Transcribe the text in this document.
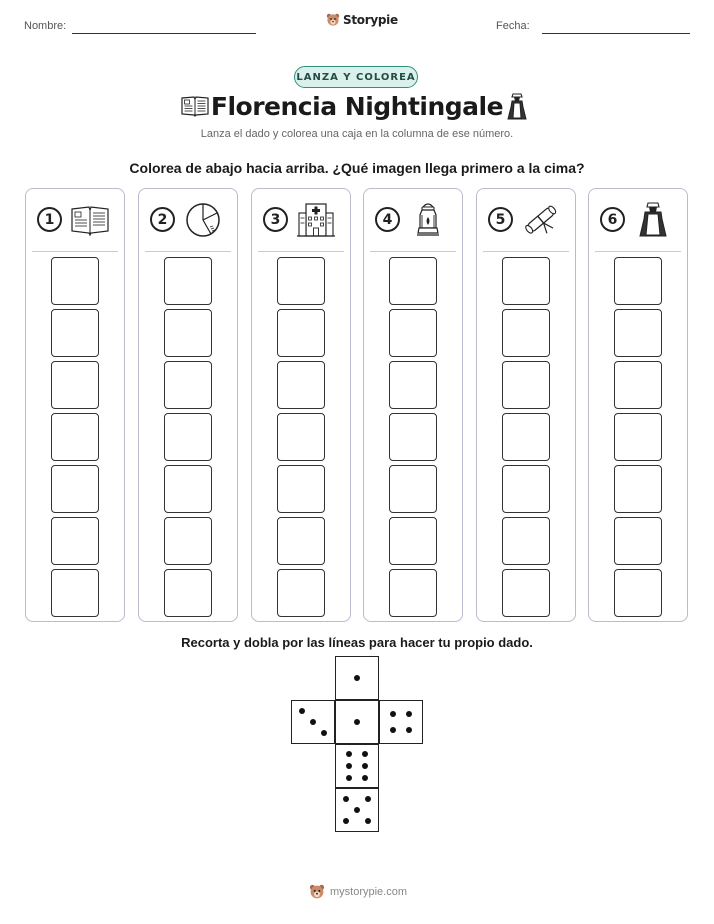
Nombre:	Storypie	Fecha:
LANZA Y COLOREA
Florencia Nightingale
Lanza el dado y colorea una caja en la columna de ese número.
Colorea de abajo hacia arriba. ¿Qué imagen llega primero a la cima?
1	2	3	4	5	6
Recorta y dobla por las líneas para hacer tu propio dado.
mystorypie.com
